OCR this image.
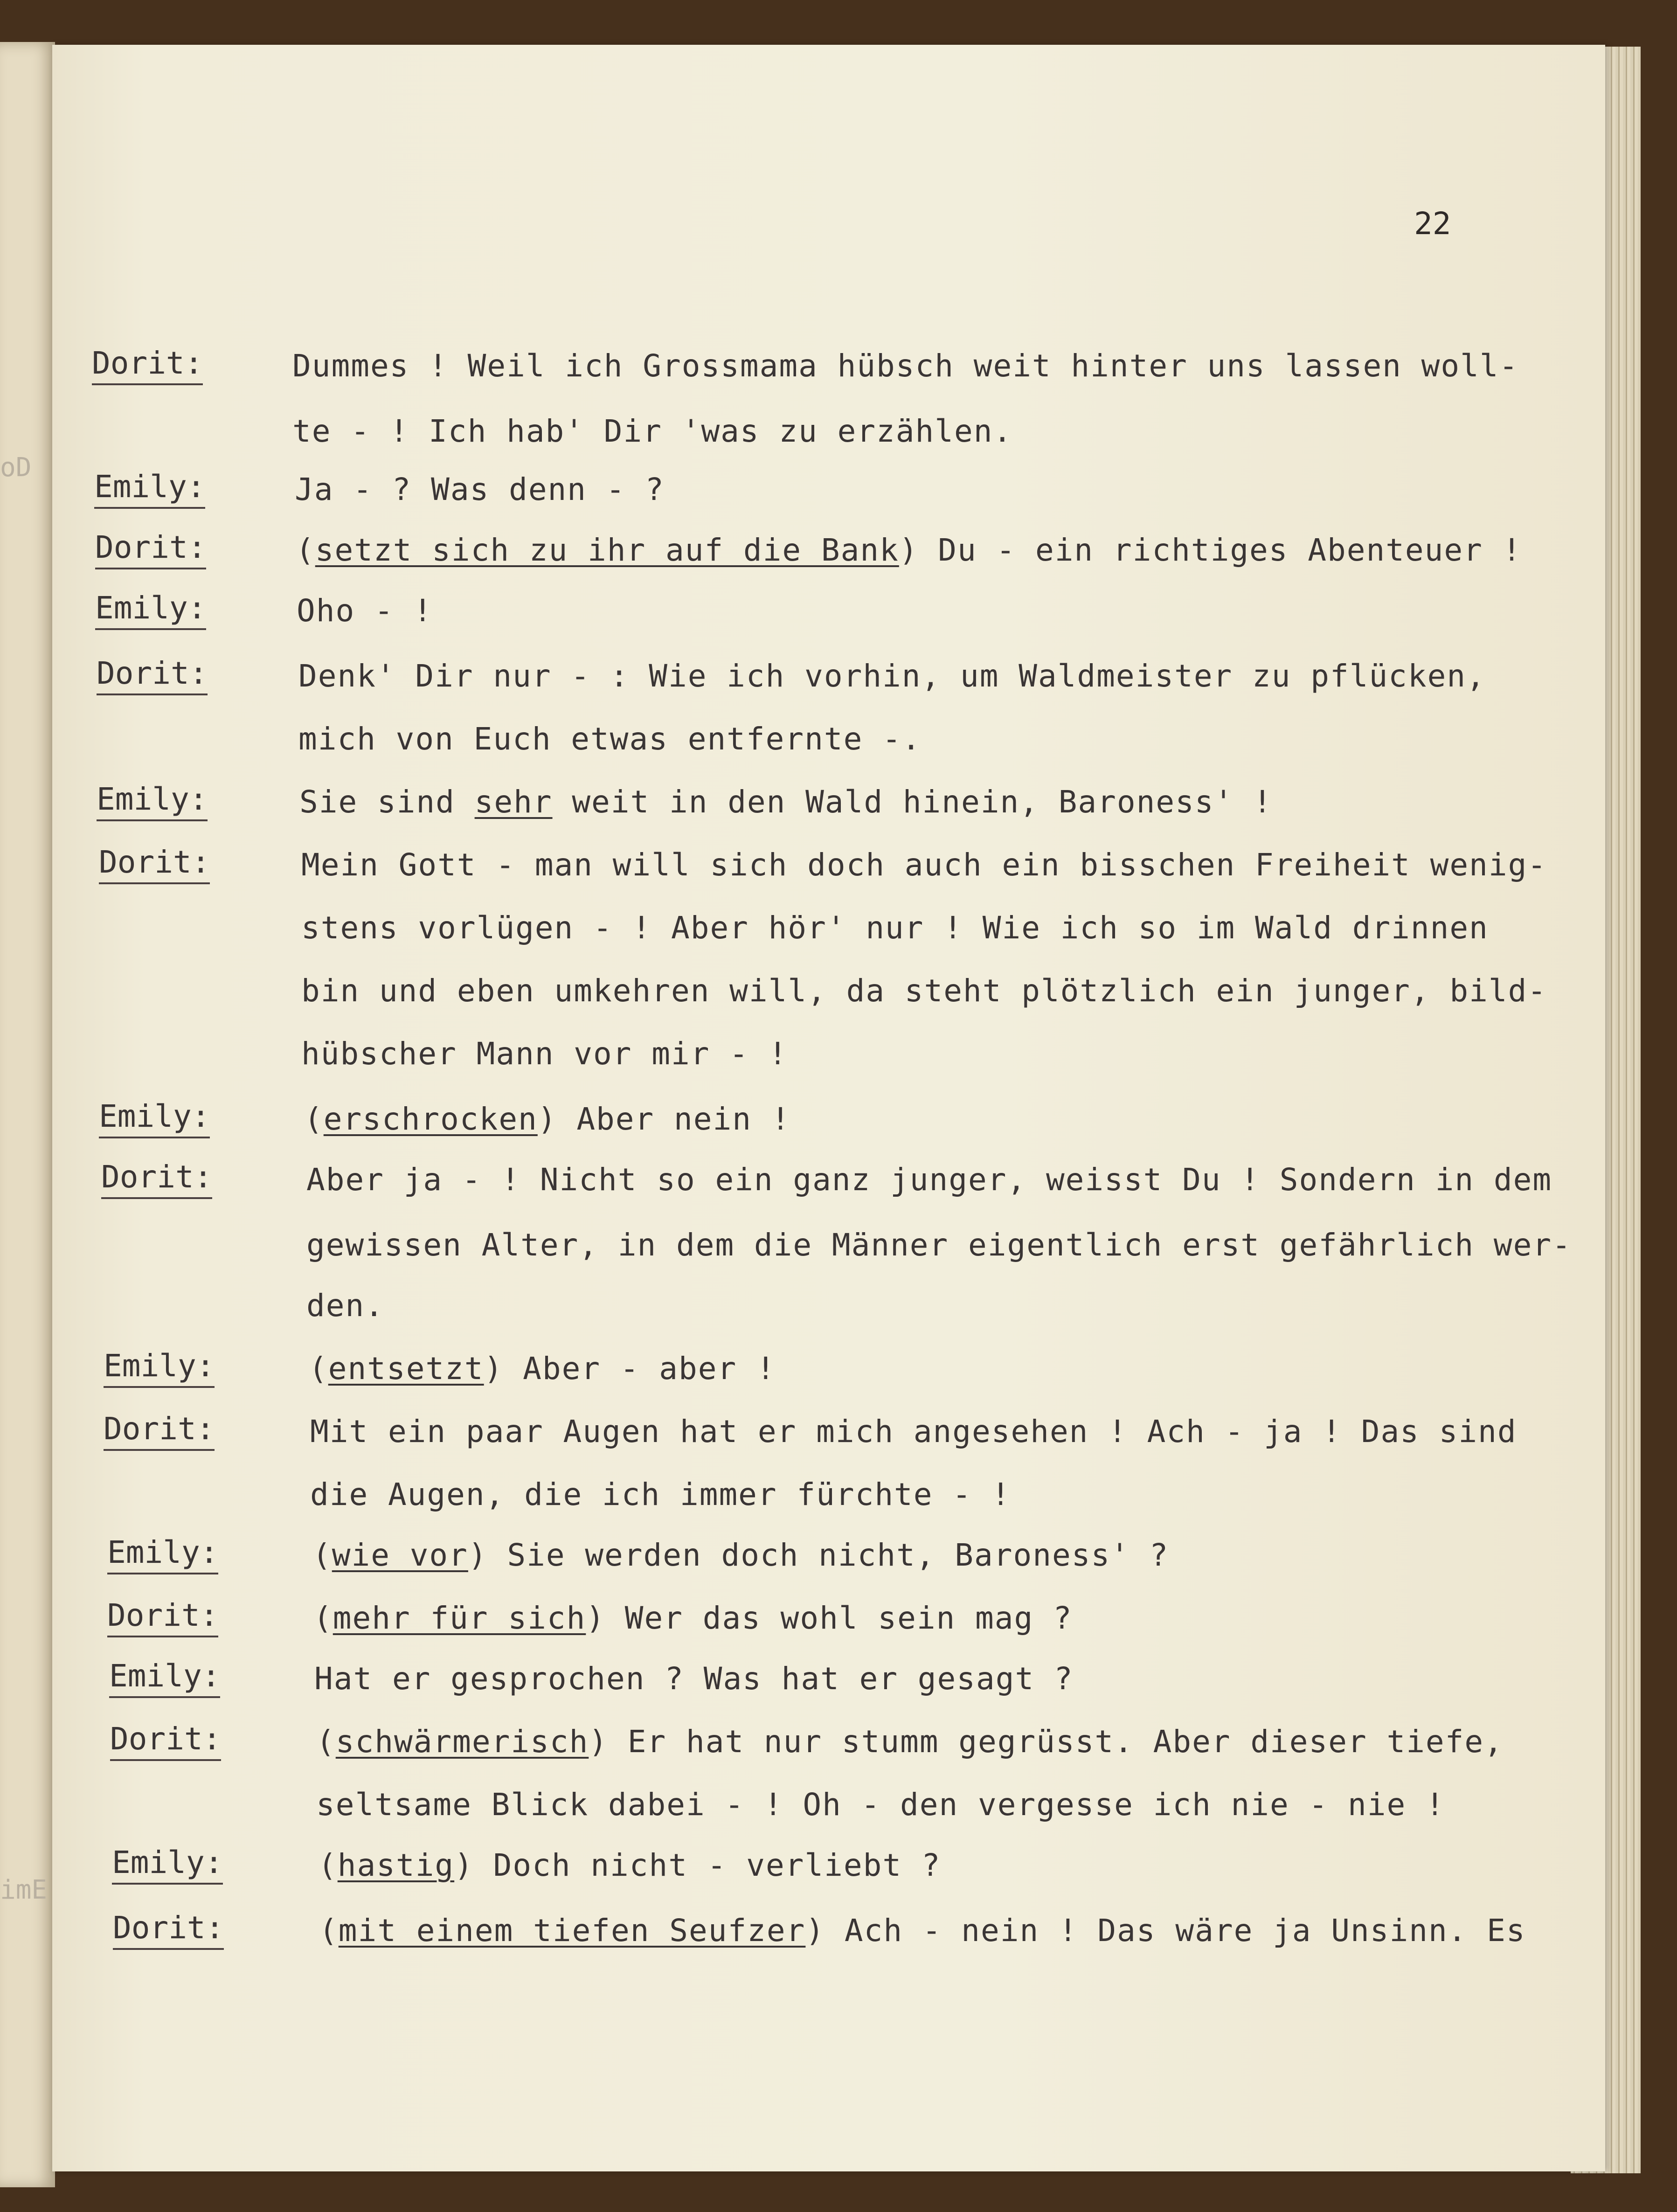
oD
imE
22
Dorit:	Dummes ! Weil ich Grossmama hübsch weit hinter uns lassen woll-
te - ! Ich hab' Dir 'was zu erzählen.
Emily:	Ja - ? Was denn - ?
Dorit:	(setzt sich zu ihr auf die Bank) Du - ein richtiges Abenteuer !
Emily:	Oho - !
Dorit:	Denk' Dir nur - : Wie ich vorhin, um Waldmeister zu pflücken,
mich von Euch etwas entfernte -.
Emily:	Sie sind sehr weit in den Wald hinein, Baroness' !
Dorit:	Mein Gott - man will sich doch auch ein bisschen Freiheit wenig-
stens vorlügen - ! Aber hör' nur ! Wie ich so im Wald drinnen
bin und eben umkehren will, da steht plötzlich ein junger, bild-
hübscher Mann vor mir - !
Emily:	(erschrocken) Aber nein !
Dorit:	Aber ja - ! Nicht so ein ganz junger, weisst Du ! Sondern in dem
gewissen Alter, in dem die Männer eigentlich erst gefährlich wer-
den.
Emily:	(entsetzt) Aber - aber !
Dorit:	Mit ein paar Augen hat er mich angesehen ! Ach - ja ! Das sind
die Augen, die ich immer fürchte - !
Emily:	(wie vor) Sie werden doch nicht, Baroness' ?
Dorit:	(mehr für sich) Wer das wohl sein mag ?
Emily:	Hat er gesprochen ? Was hat er gesagt ?
Dorit:	(schwärmerisch) Er hat nur stumm gegrüsst. Aber dieser tiefe,
seltsame Blick dabei - ! Oh - den vergesse ich nie - nie !
Emily:	(hastig) Doch nicht - verliebt ?
Dorit:	(mit einem tiefen Seufzer) Ach - nein ! Das wäre ja Unsinn. Es
